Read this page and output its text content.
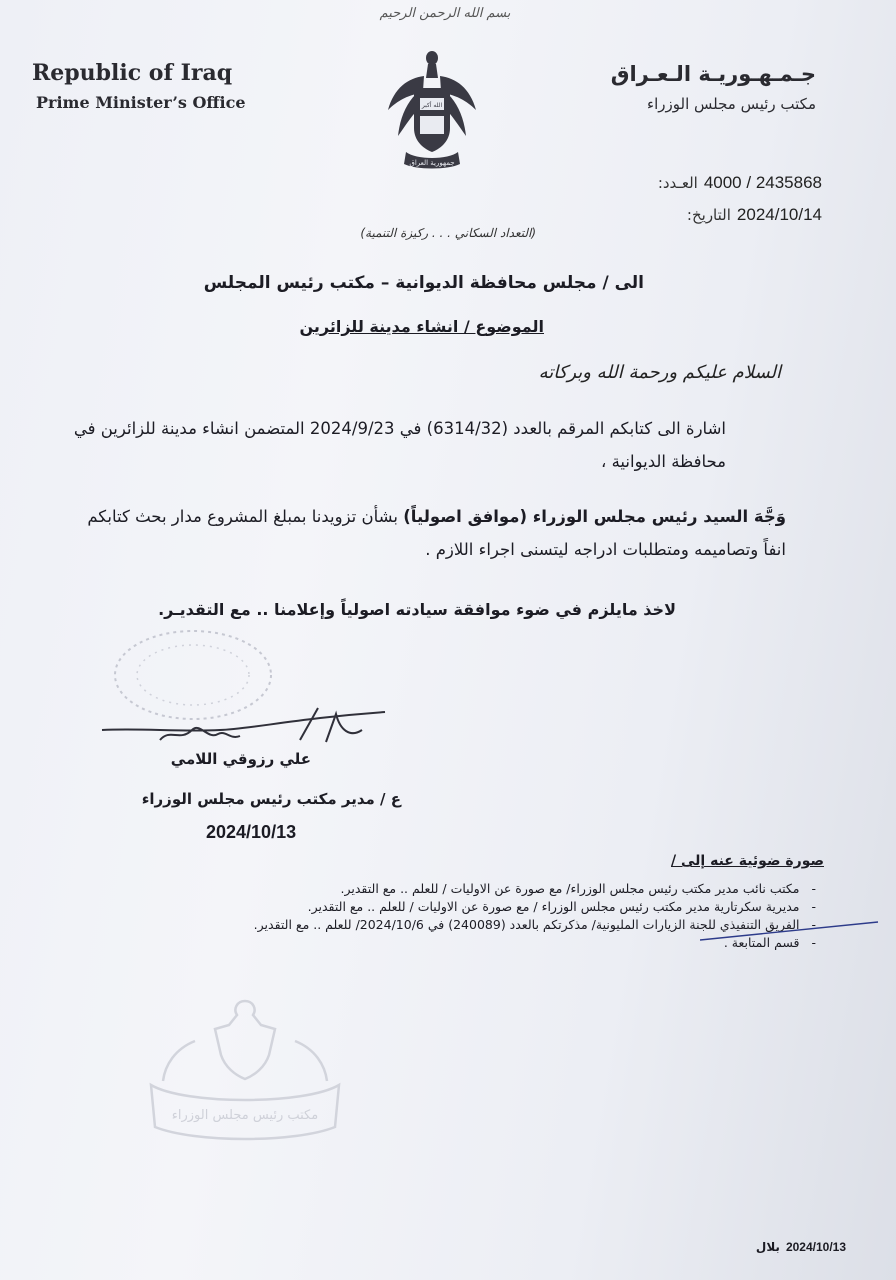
بسم الله الرحمن الرحيم
Republic of Iraq
Prime Minister’s Office
جـمـهـوريـة الـعـراق
مكتب رئيس مجلس الوزراء
الله أكبر
جمهورية العراق
العـدد: 2435868 / 4000
التاريخ: 2024/10/14
(التعداد السكاني . . . ركيزة التنمية)
الى / مجلس محافظة الديوانية – مكتب رئيس المجلس
الموضوع / انشاء مدينة للزائرين
السلام عليكم ورحمة الله وبركاته
اشارة الى كتابكم المرقم بالعدد (6314/32) في 2024/9/23 المتضمن انشاء مدينة للزائرين في محافظة الديوانية ،
وَجَّهَ السيد رئيس مجلس الوزراء (موافق اصولياً) بشأن تزويدنا بمبلغ المشروع مدار بحث كتابكم انفاً وتصاميمه ومتطلبات ادراجه ليتسنى اجراء اللازم .
لاخذ مايلزم في ضوء موافقة سيادته اصولياً وإعلامنا .. مع التقديـر.
علي رزوقي اللامي
ع / مدير مكتب رئيس مجلس الوزراء
2024/10/13
صورة ضوئية عنه إلى /
- مكتب نائب مدير مكتب رئيس مجلس الوزراء/ مع صورة عن الاوليات / للعلم .. مع التقدير.
- مديرية سكرتارية مدير مكتب رئيس مجلس الوزراء / مع صورة عن الاوليات / للعلم .. مع التقدير.
- الفريق التنفيذي للجنة الزيارات المليونية/ مذكرتكم بالعدد (240089) في 2024/10/6/ للعلم .. مع التقدير.
- قسم المتابعة .
مكتب رئيس مجلس الوزراء
بلال 2024/10/13
